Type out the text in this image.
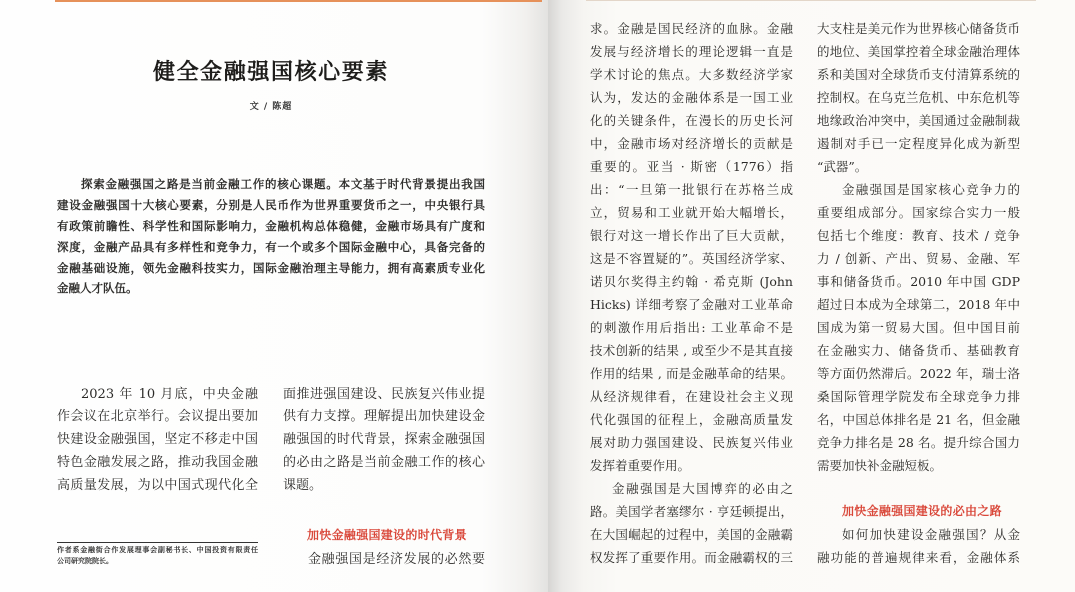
健全金融强国核心要素
文 / 陈超
探索金融强国之路是当前金融工作的核心课题。本文基于时代背景提出我国
建设金融强国十大核心要素，分别是人民币作为世界重要货币之一，中央银行具
有政策前瞻性、科学性和国际影响力，金融机构总体稳健，金融市场具有广度和
深度，金融产品具有多样性和竞争力，有一个或多个国际金融中心，具备完备的
金融基础设施，领先金融科技实力，国际金融治理主导能力，拥有高素质专业化
金融人才队伍。
2023 年 10 月底，中央金融
作会议在北京举行。会议提出要加
快建设金融强国，坚定不移走中国
特色金融发展之路，推动我国金融
高质量发展，为以中国式现代化全
面推进强国建设、民族复兴伟业提
供有力支撑。理解提出加快建设金
融强国的时代背景，探索金融强国
的必由之路是当前金融工作的核心
课题。
加快金融强国建设的时代背景
金融强国是经济发展的必然要
作者系金融街合作发展理事会副秘书长、中国投资有限责任
公司研究院院长。
求。金融是国民经济的血脉。金融
发展与经济增长的理论逻辑一直是
学术讨论的焦点。大多数经济学家
认为，发达的金融体系是一国工业
化的关键条件，在漫长的历史长河
中，金融市场对经济增长的贡献是
重要的。亚当 · 斯密（1776）指
出：“一旦第一批银行在苏格兰成
立，贸易和工业就开始大幅增长，
银行对这一增长作出了巨大贡献，
这是不容置疑的”。英国经济学家、
诺贝尔奖得主约翰 · 希克斯 (John
Hicks) 详细考察了金融对工业革命
的刺激作用后指出: 工业革命不是
技术创新的结果 , 或至少不是其直接
作用的结果 , 而是金融革命的结果。
从经济规律看，在建设社会主义现
代化强国的征程上，金融高质量发
展对助力强国建设、民族复兴伟业
发挥着重要作用。
金融强国是大国博弈的必由之
路。美国学者塞缪尔 · 亨廷顿提出，
在大国崛起的过程中，美国的金融霸
权发挥了重要作用。而金融霸权的三
大支柱是美元作为世界核心储备货币
的地位、美国掌控着全球金融治理体
系和美国对全球货币支付清算系统的
控制权。在乌克兰危机、中东危机等
地缘政治冲突中，美国通过金融制裁
遏制对手已一定程度异化成为新型
“武器”。
金融强国是国家核心竞争力的
重要组成部分。国家综合实力一般
包括七个维度：教育、技术 / 竞争
力 / 创新、产出、贸易、金融、军
事和储备货币。2010 年中国 GDP
超过日本成为全球第二，2018 年中
国成为第一贸易大国。但中国目前
在金融实力、储备货币、基础教育
等方面仍然滞后。2022 年，瑞士洛
桑国际管理学院发布全球竞争力排
名，中国总体排名是 21 名，但金融
竞争力排名是 28 名。提升综合国力
需要加快补金融短板。
加快金融强国建设的必由之路
如何加快建设金融强国？从金
融功能的普遍规律来看，金融体系
